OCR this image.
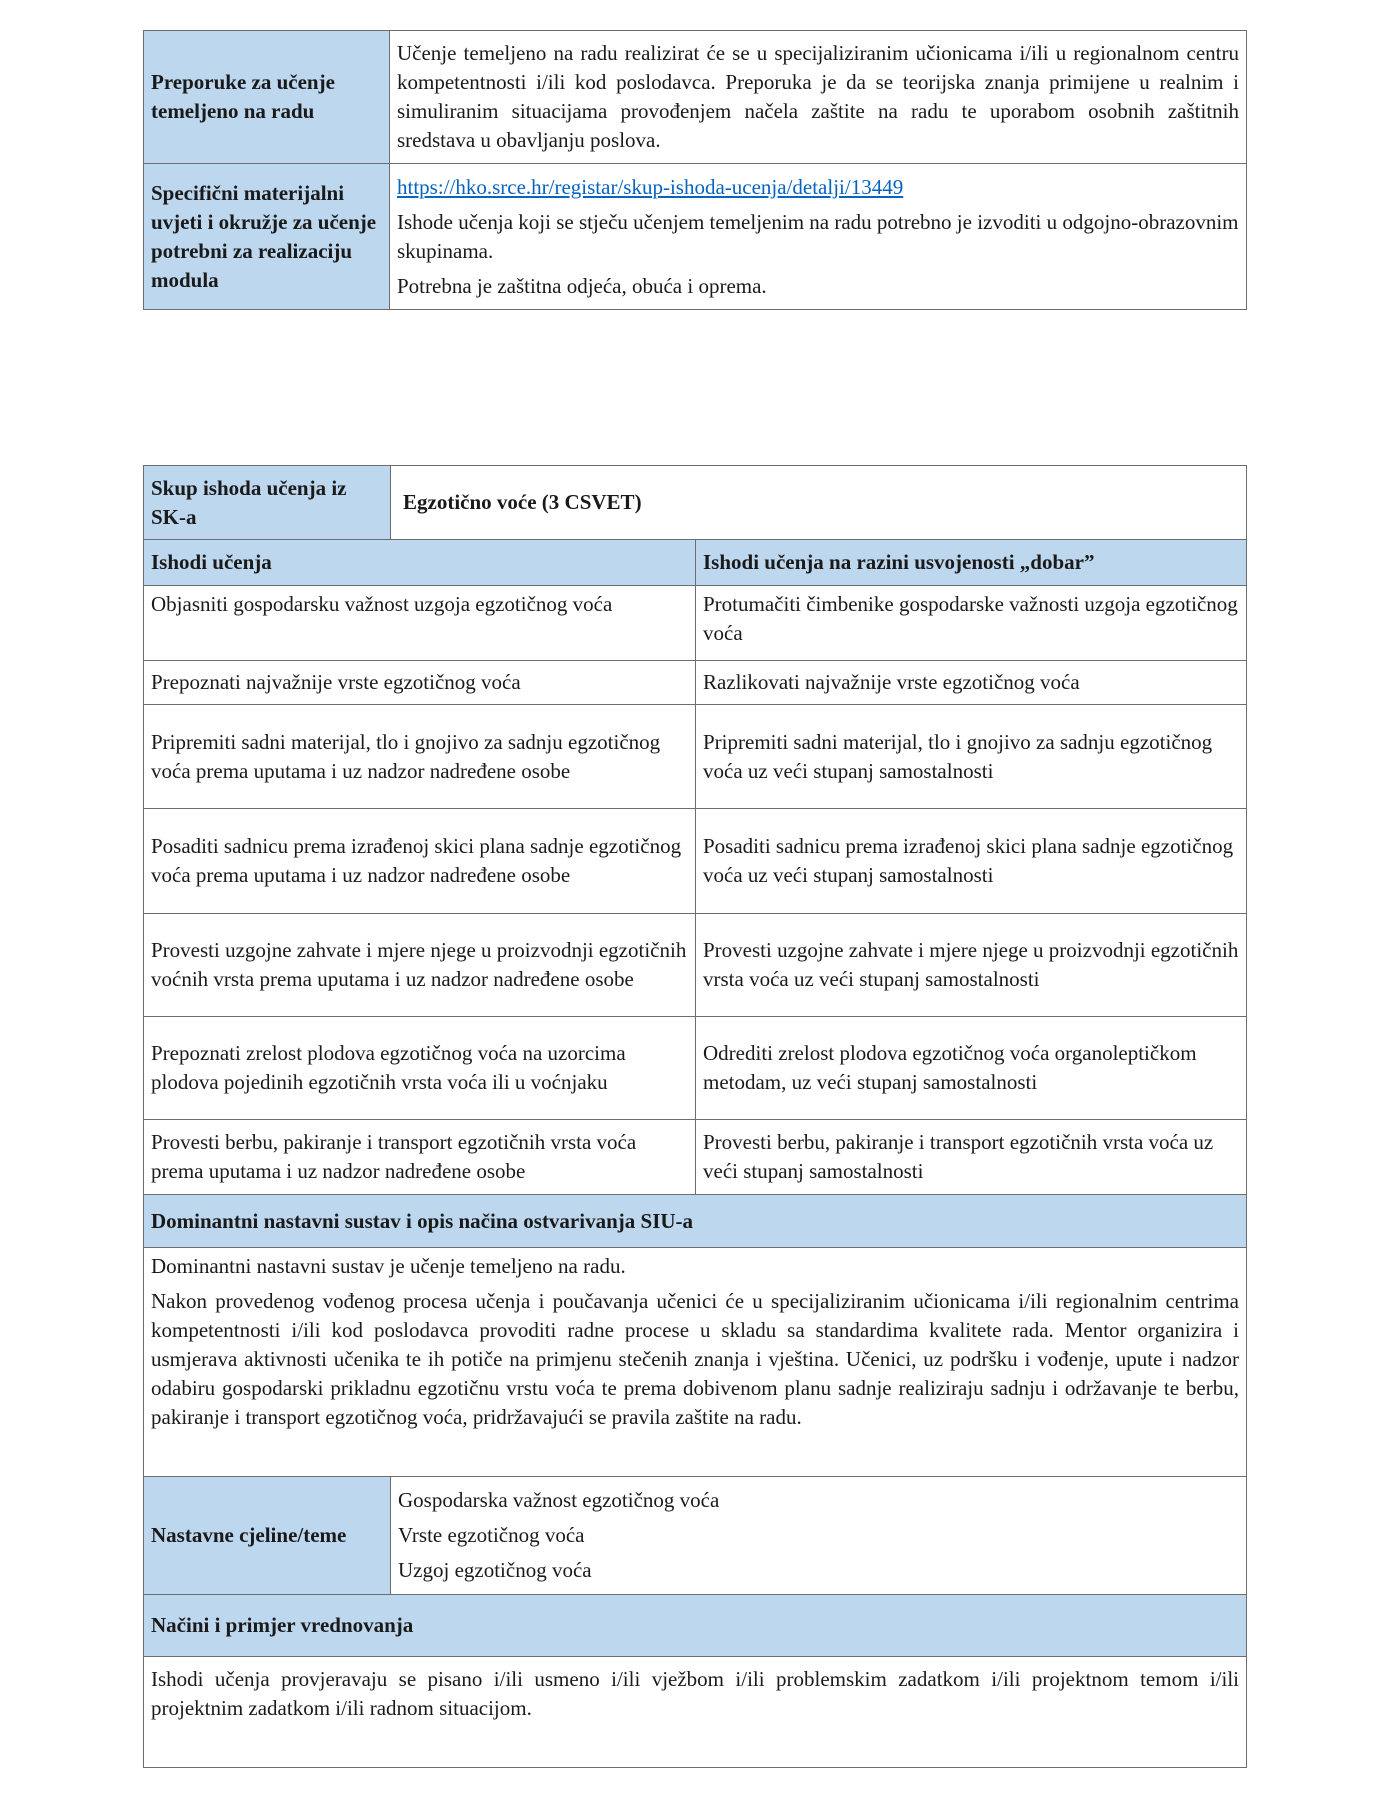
Preporuke za učenje temeljeno na radu	Učenje temeljeno na radu realizirat će se u specijaliziranim učionicama i/ili u regionalnom centru kompetentnosti i/ili kod poslodavca. Preporuka je da se teorijska znanja primijene u realnim i simuliranim situacijama provođenjem načela zaštite na radu te uporabom osobnih zaštitnih sredstava u obavljanju poslova.
Specifični materijalni uvjeti i okružje za učenje potrebni za realizaciju modula	https://hko.srce.hr/registar/skup-ishoda-ucenja/detalji/13449

Ishode učenja koji se stječu učenjem temeljenim na radu potrebno je izvoditi u odgojno-obrazovnim skupinama.

Potrebna je zaštitna odjeća, obuća i oprema.

Skup ishoda učenja iz SK-a	Egzotično voće (3 CSVET)	
Ishodi učenja		Ishodi učenja na razini usvojenosti „dobar”
Objasniti gospodarsku važnost uzgoja egzotičnog voća		Protumačiti čimbenike gospodarske važnosti uzgoja egzotičnog voća
Prepoznati najvažnije vrste egzotičnog voća		Razlikovati najvažnije vrste egzotičnog voća
Pripremiti sadni materijal, tlo i gnojivo za sadnju egzotičnog voća prema uputama i uz nadzor nadređene osobe		Pripremiti sadni materijal, tlo i gnojivo za sadnju egzotičnog voća uz veći stupanj samostalnosti
Posaditi sadnicu prema izrađenoj skici plana sadnje egzotičnog voća prema uputama i uz nadzor nadređene osobe		Posaditi sadnicu prema izrađenoj skici plana sadnje egzotičnog voća uz veći stupanj samostalnosti
Provesti uzgojne zahvate i mjere njege u proizvodnji egzotičnih voćnih vrsta prema uputama i uz nadzor nadređene osobe		Provesti uzgojne zahvate i mjere njege u proizvodnji egzotičnih vrsta voća uz veći stupanj samostalnosti
Prepoznati zrelost plodova egzotičnog voća na uzorcima plodova pojedinih egzotičnih vrsta voća ili u voćnjaku		Odrediti zrelost plodova egzotičnog voća organoleptičkom metodam, uz veći stupanj samostalnosti
Provesti berbu, pakiranje i transport egzotičnih vrsta voća prema uputama i uz nadzor nadređene osobe		Provesti berbu, pakiranje i transport egzotičnih vrsta voća uz veći stupanj samostalnosti
Dominantni nastavni sustav i opis načina ostvarivanja SIU-a		

Dominantni nastavni sustav je učenje temeljeno na radu.

Nakon provedenog vođenog procesa učenja i poučavanja učenici će u specijaliziranim učionicama i/ili regionalnim centrima kompetentnosti i/ili kod poslodavca provoditi radne procese u skladu sa standardima kvalitete rada. Mentor organizira i usmjerava aktivnosti učenika te ih potiče na primjenu stečenih znanja i vještina. Učenici, uz podršku i vođenje, upute i nadzor odabiru gospodarski prikladnu egzotičnu vrstu voća te prema dobivenom planu sadnje realiziraju sadnju i održavanje te berbu, pakiranje i transport egzotičnog voća, pridržavajući se pravila zaštite na radu.		

Nastavne cjeline/teme	Gospodarska važnost egzotičnog voća

Vrste egzotičnog voća

Uzgoj egzotičnog voća	

Načini i primjer vrednovanja		
Ishodi učenja provjeravaju se pisano i/ili usmeno i/ili vježbom i/ili problemskim zadatkom i/ili projektnom temom i/ili projektnim zadatkom i/ili radnom situacijom.		
